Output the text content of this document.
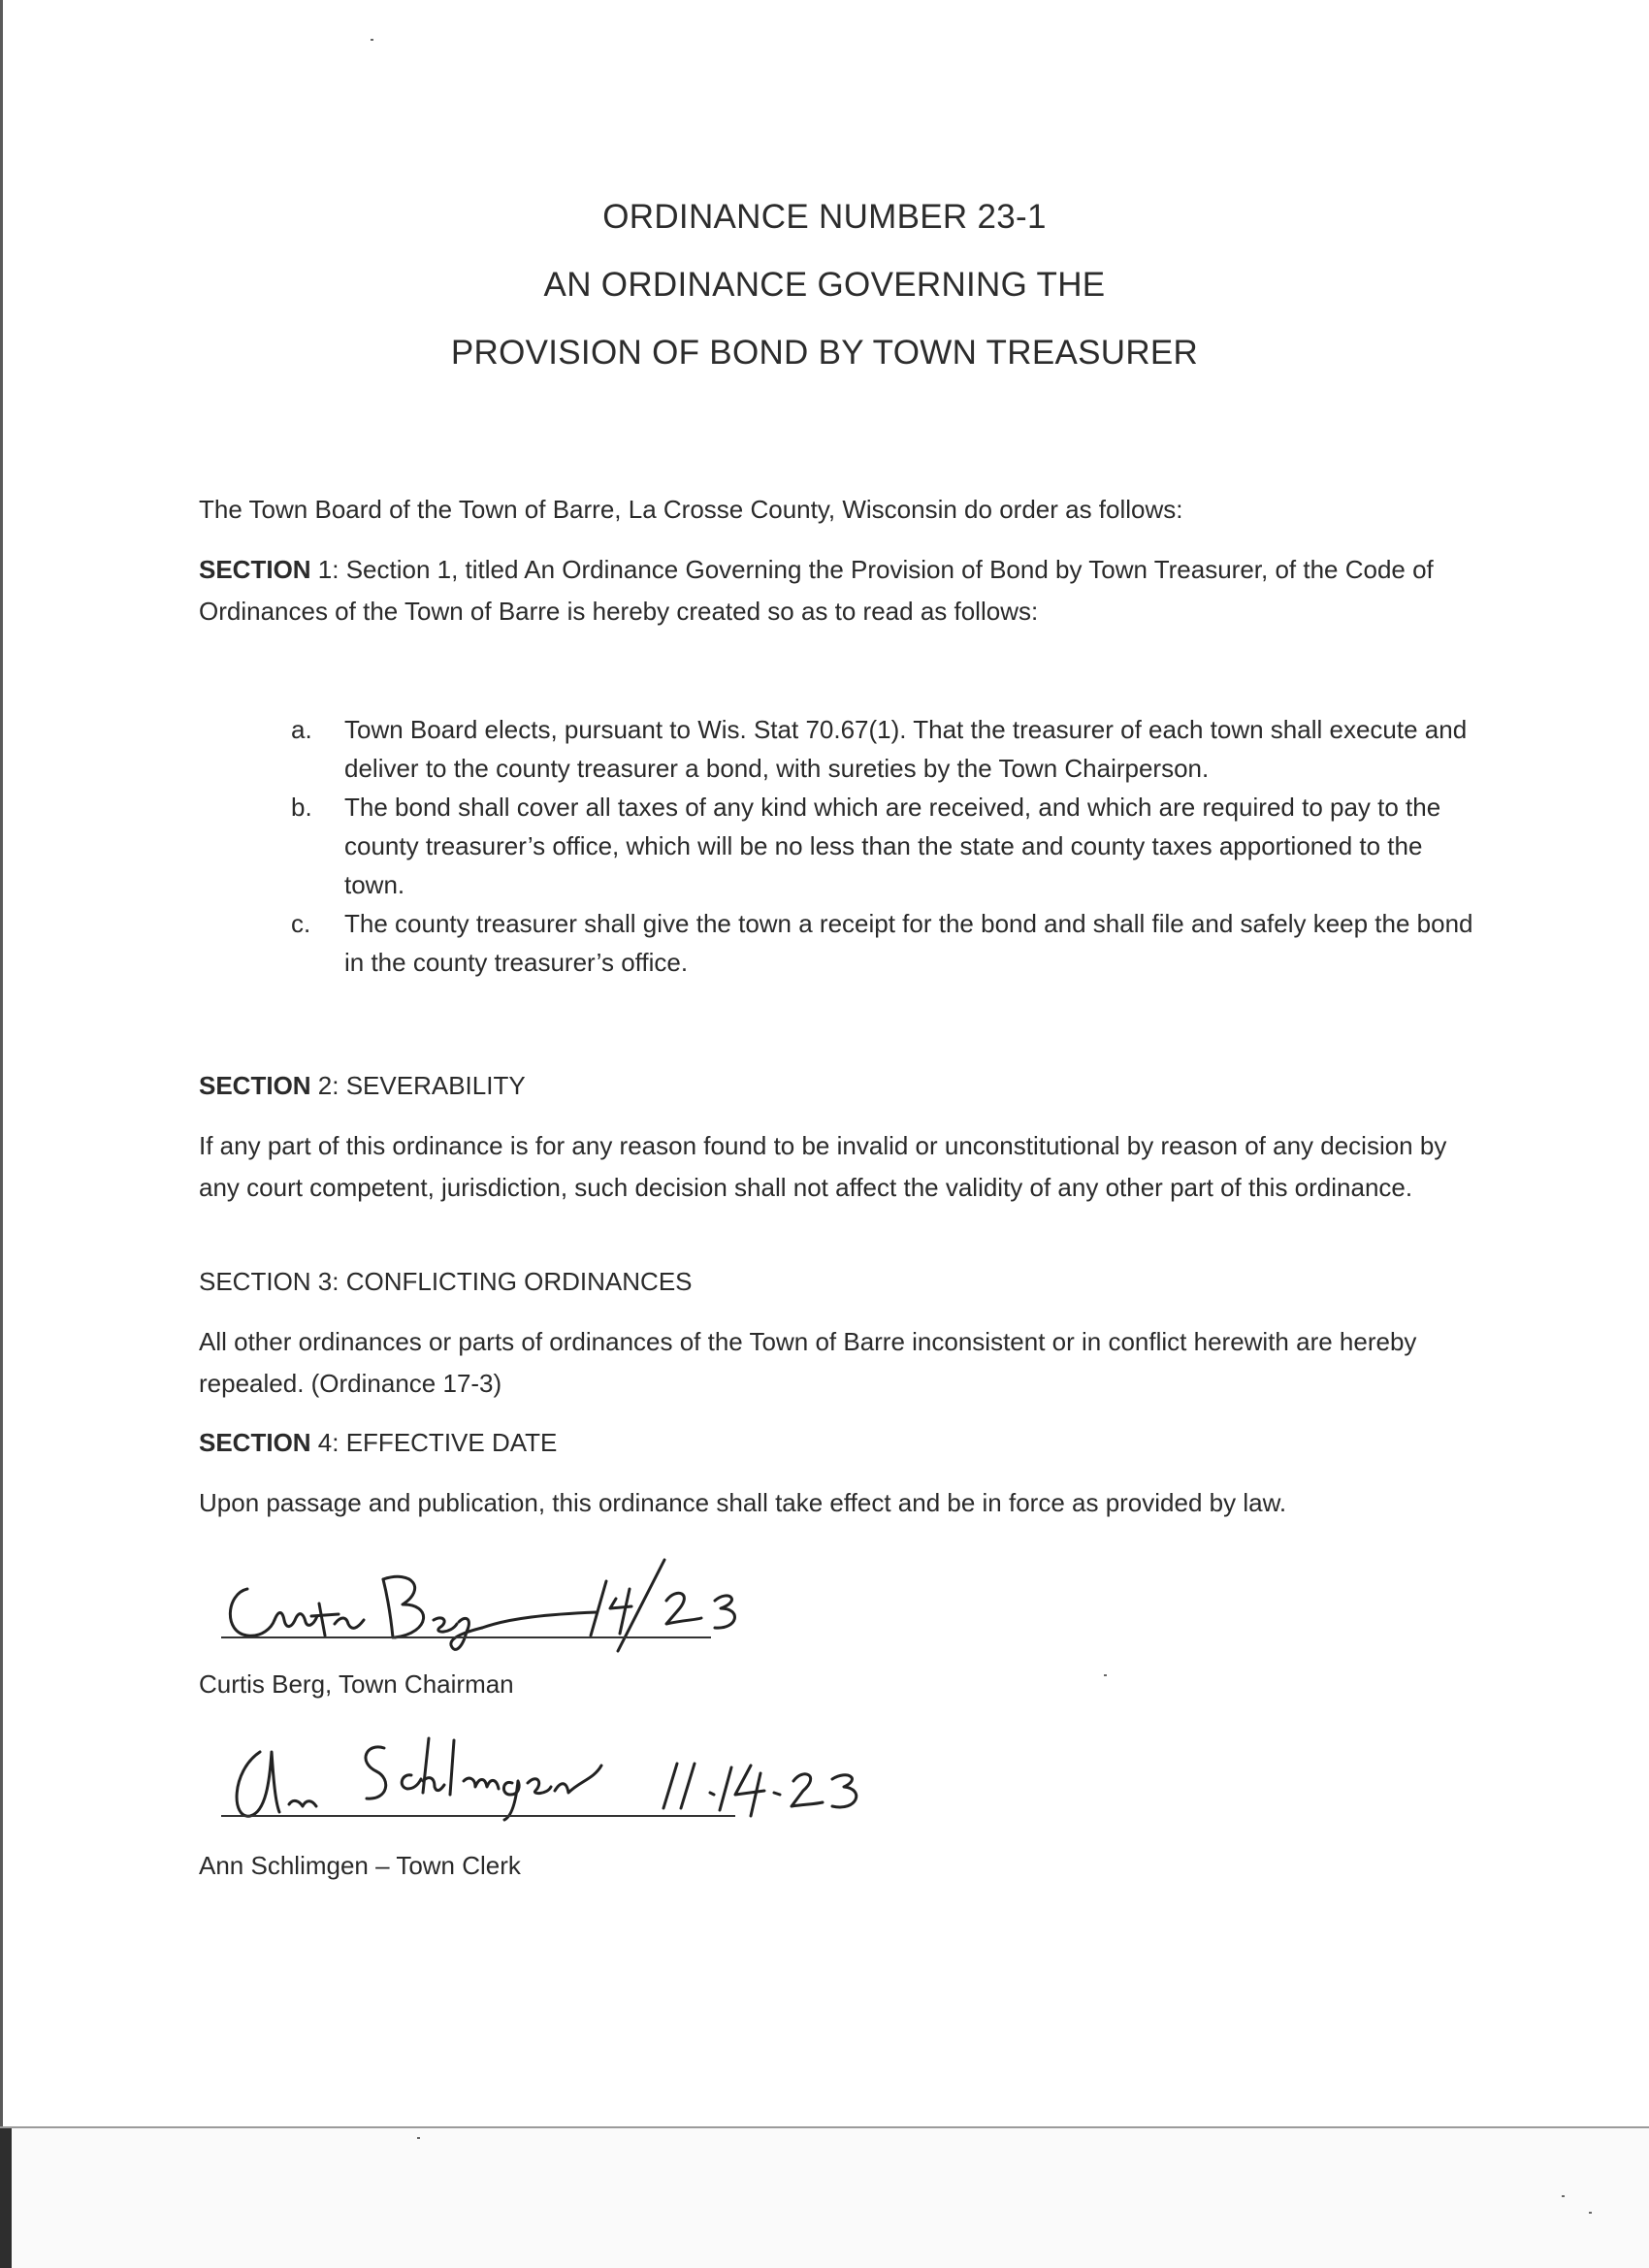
ORDINANCE NUMBER 23-1
AN ORDINANCE GOVERNING THE
PROVISION OF BOND BY TOWN TREASURER
The Town Board of the Town of Barre, La Crosse County, Wisconsin do order as follows:
SECTION 1: Section 1, titled An Ordinance Governing the Provision of Bond by Town Treasurer, of the Code of Ordinances of the Town of Barre is hereby created so as to read as follows:
a.	Town Board elects, pursuant to Wis. Stat 70.67(1). That the treasurer of each town shall execute and deliver to the county treasurer a bond, with sureties by the Town Chairperson.
b.	The bond shall cover all taxes of any kind which are received, and which are required to pay to the county treasurer’s office, which will be no less than the state and county taxes apportioned to the town.
c.	The county treasurer shall give the town a receipt for the bond and shall file and safely keep the bond in the county treasurer’s office.
SECTION 2: SEVERABILITY
If any part of this ordinance is for any reason found to be invalid or unconstitutional by reason of any decision by any court competent, jurisdiction, such decision shall not affect the validity of any other part of this ordinance.
SECTION 3: CONFLICTING ORDINANCES
All other ordinances or parts of ordinances of the Town of Barre inconsistent or in conflict herewith are hereby repealed. (Ordinance 17-3)
SECTION 4: EFFECTIVE DATE
Upon passage and publication, this ordinance shall take effect and be in force as provided by law.
Curtis Berg, Town Chairman
Ann Schlimgen – Town Clerk
